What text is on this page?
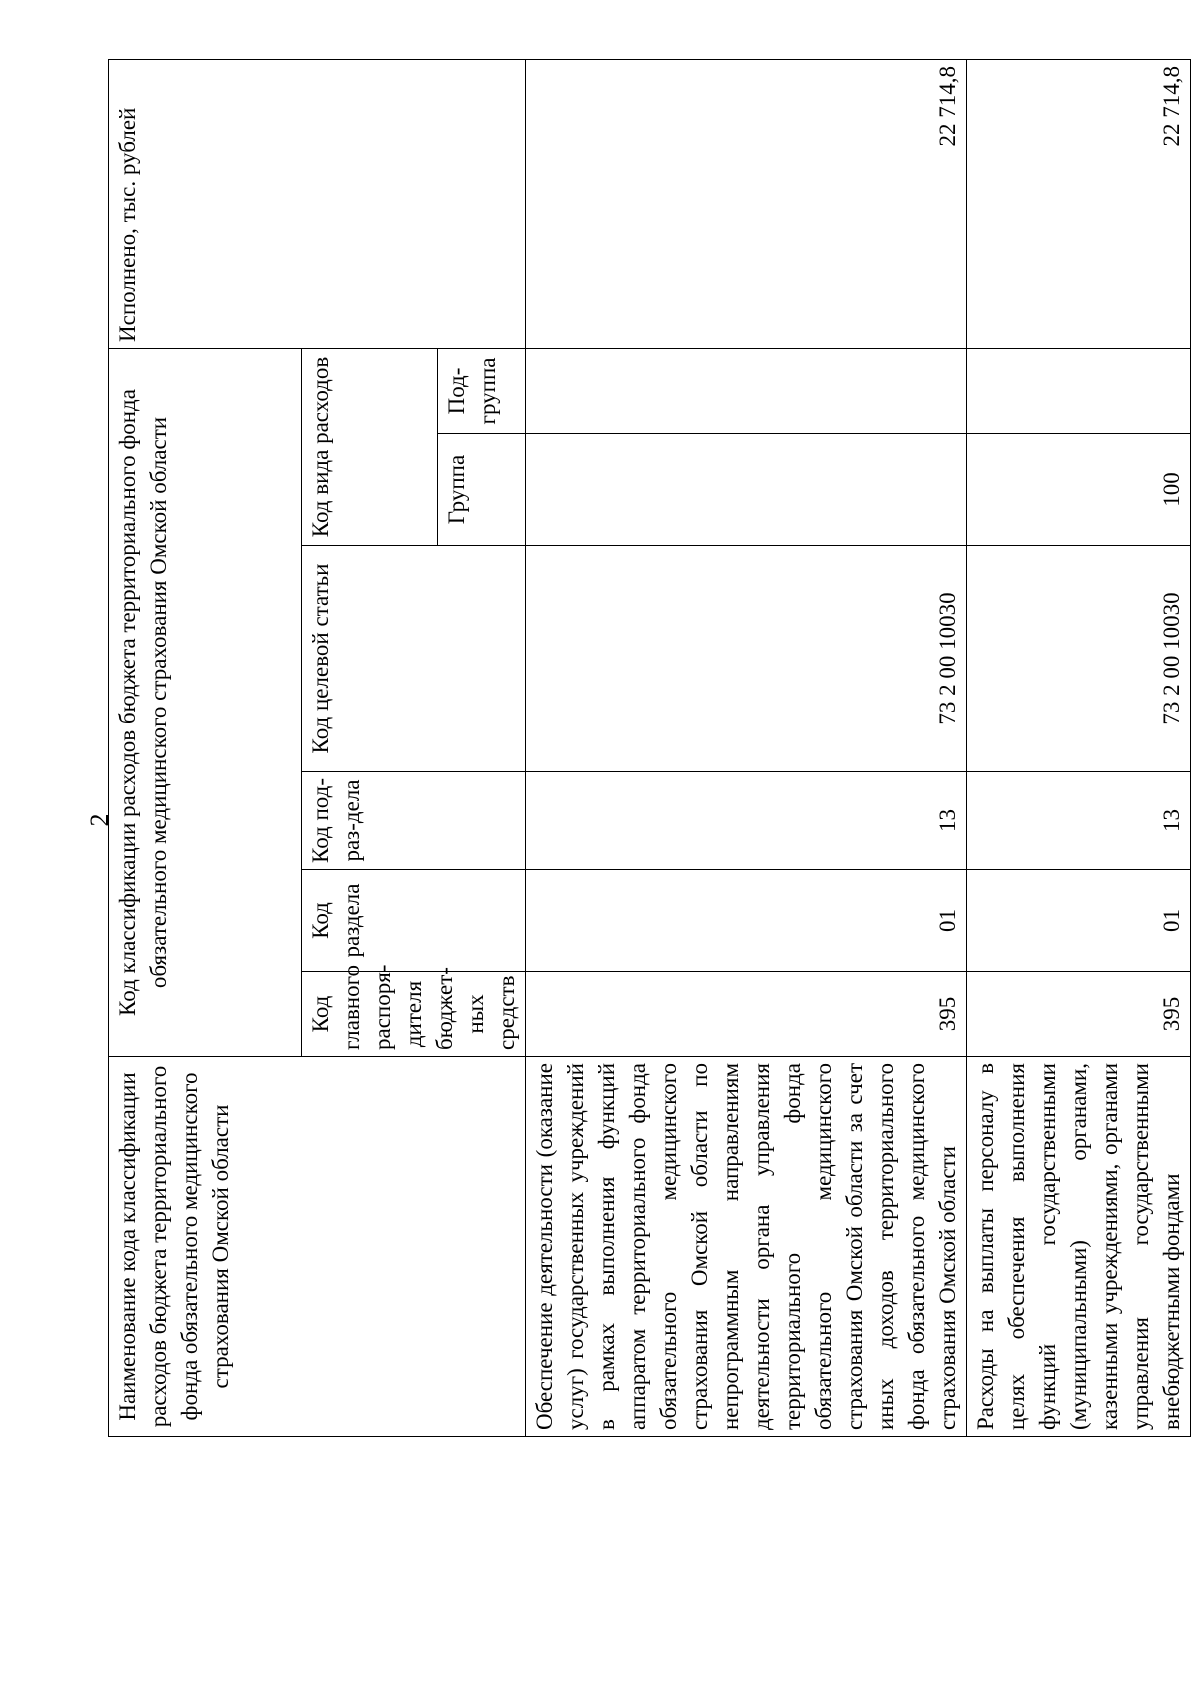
2
Наименование кода классификации расходов бюджета территориального фонда обязательного медицинского страхования Омской области	Код классификации расходов бюджета территориального фонда обязательного медицинского страхования Омской области						Исполнено, тыс. рублей
	Код главного распоря-дителя бюджет-ных средств	Код раздела	Код под-раз-дела	Код целевой статьи	Код вида расходов		
					Группа	Под-группа	
Обеспечение деятельности (оказание услуг) государственных учреждений в рамках выполнения функций аппаратом территориального фонда обязательного медицинского страхования Омской области по непрограммным направлениям деятельности органа управления территориального фонда обязательного медицинского страхования Омской области за счет иных доходов территориального фонда обязательного медицинского страхования Омской области	395	01	13	73 2 00 10030			22 714,8
Расходы на выплаты персоналу в целях обеспечения выполнения функций государственными (муниципальными) органами, казенными учреждениями, органами управления государственными внебюджетными фондами	395	01	13	73 2 00 10030	100		22 714,8
